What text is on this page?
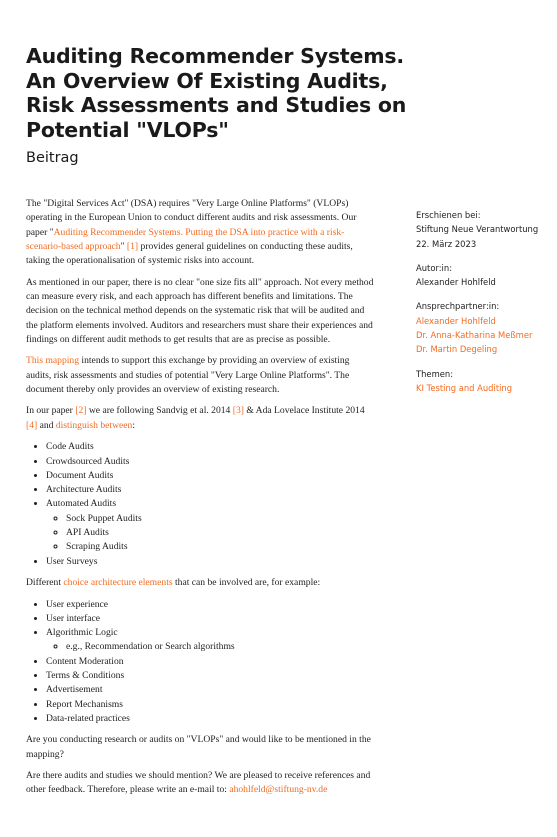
Auditing Recommender Systems. An Overview Of Existing Audits, Risk Assessments and Studies on Potential "VLOPs"
Beitrag

The "Digital Services Act" (DSA) requires "Very Large Online Platforms" (VLOPs) operating in the European Union to conduct different audits and risk assessments. Our paper "Auditing Recommender Systems. Putting the DSA into practice with a risk-scenario-based approach" [1] provides general guidelines on conducting these audits, taking the operationalisation of systemic risks into account.

As mentioned in our paper, there is no clear "one size fits all" approach. Not every method can measure every risk, and each approach has different benefits and limitations. The decision on the technical method depends on the systematic risk that will be audited and the platform elements involved. Auditors and researchers must share their experiences and findings on different audit methods to get results that are as precise as possible.

This mapping intends to support this exchange by providing an overview of existing audits, risk assessments and studies of potential "Very Large Online Platforms". The document thereby only provides an overview of existing research.

In our paper [2] we are following Sandvig et al. 2014 [3] & Ada Lovelace Institute 2014 [4] and distinguish between:

• Code Audits
• Crowdsourced Audits
• Document Audits
• Architecture Audits
• Automated Audits
◦ Sock Puppet Audits
◦ API Audits
◦ Scraping Audits
• User Surveys

Different choice architecture elements that can be involved are, for example:

• User experience
• User interface
• Algorithmic Logic
◦ e.g., Recommendation or Search algorithms
• Content Moderation
• Terms & Conditions
• Advertisement
• Report Mechanisms
• Data-related practices

Are you conducting research or audits on "VLOPs" and would like to be mentioned in the mapping?

Are there audits and studies we should mention? We are pleased to receive references and other feedback. Therefore, please write an e-mail to: ahohlfeld@stiftung-nv.de

Erschienen bei:
Stiftung Neue Verantwortung
22. März 2023
Autor:in:
Alexander Hohlfeld
Ansprechpartner:in:
Alexander Hohlfeld
Dr. Anna-Katharina Meßmer
Dr. Martin Degeling
Themen:
KI Testing and Auditing
